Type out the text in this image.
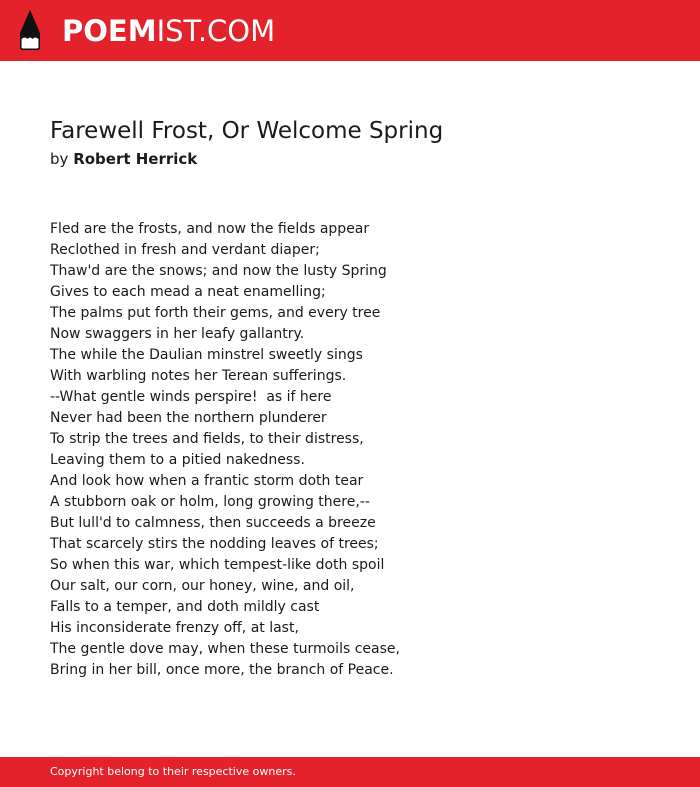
POEMIST.COM
Farewell Frost, Or Welcome Spring
by Robert Herrick
Fled are the frosts, and now the fields appear
Reclothed in fresh and verdant diaper;
Thaw'd are the snows; and now the lusty Spring
Gives to each mead a neat enamelling;
The palms put forth their gems, and every tree
Now swaggers in her leafy gallantry.
The while the Daulian minstrel sweetly sings
With warbling notes her Terean sufferings.
--What gentle winds perspire!  as if here
Never had been the northern plunderer
To strip the trees and fields, to their distress,
Leaving them to a pitied nakedness.
And look how when a frantic storm doth tear
A stubborn oak or holm, long growing there,--
But lull'd to calmness, then succeeds a breeze
That scarcely stirs the nodding leaves of trees;
So when this war, which tempest-like doth spoil
Our salt, our corn, our honey, wine, and oil,
Falls to a temper, and doth mildly cast
His inconsiderate frenzy off, at last,
The gentle dove may, when these turmoils cease,
Bring in her bill, once more, the branch of Peace.
Copyright belong to their respective owners.
